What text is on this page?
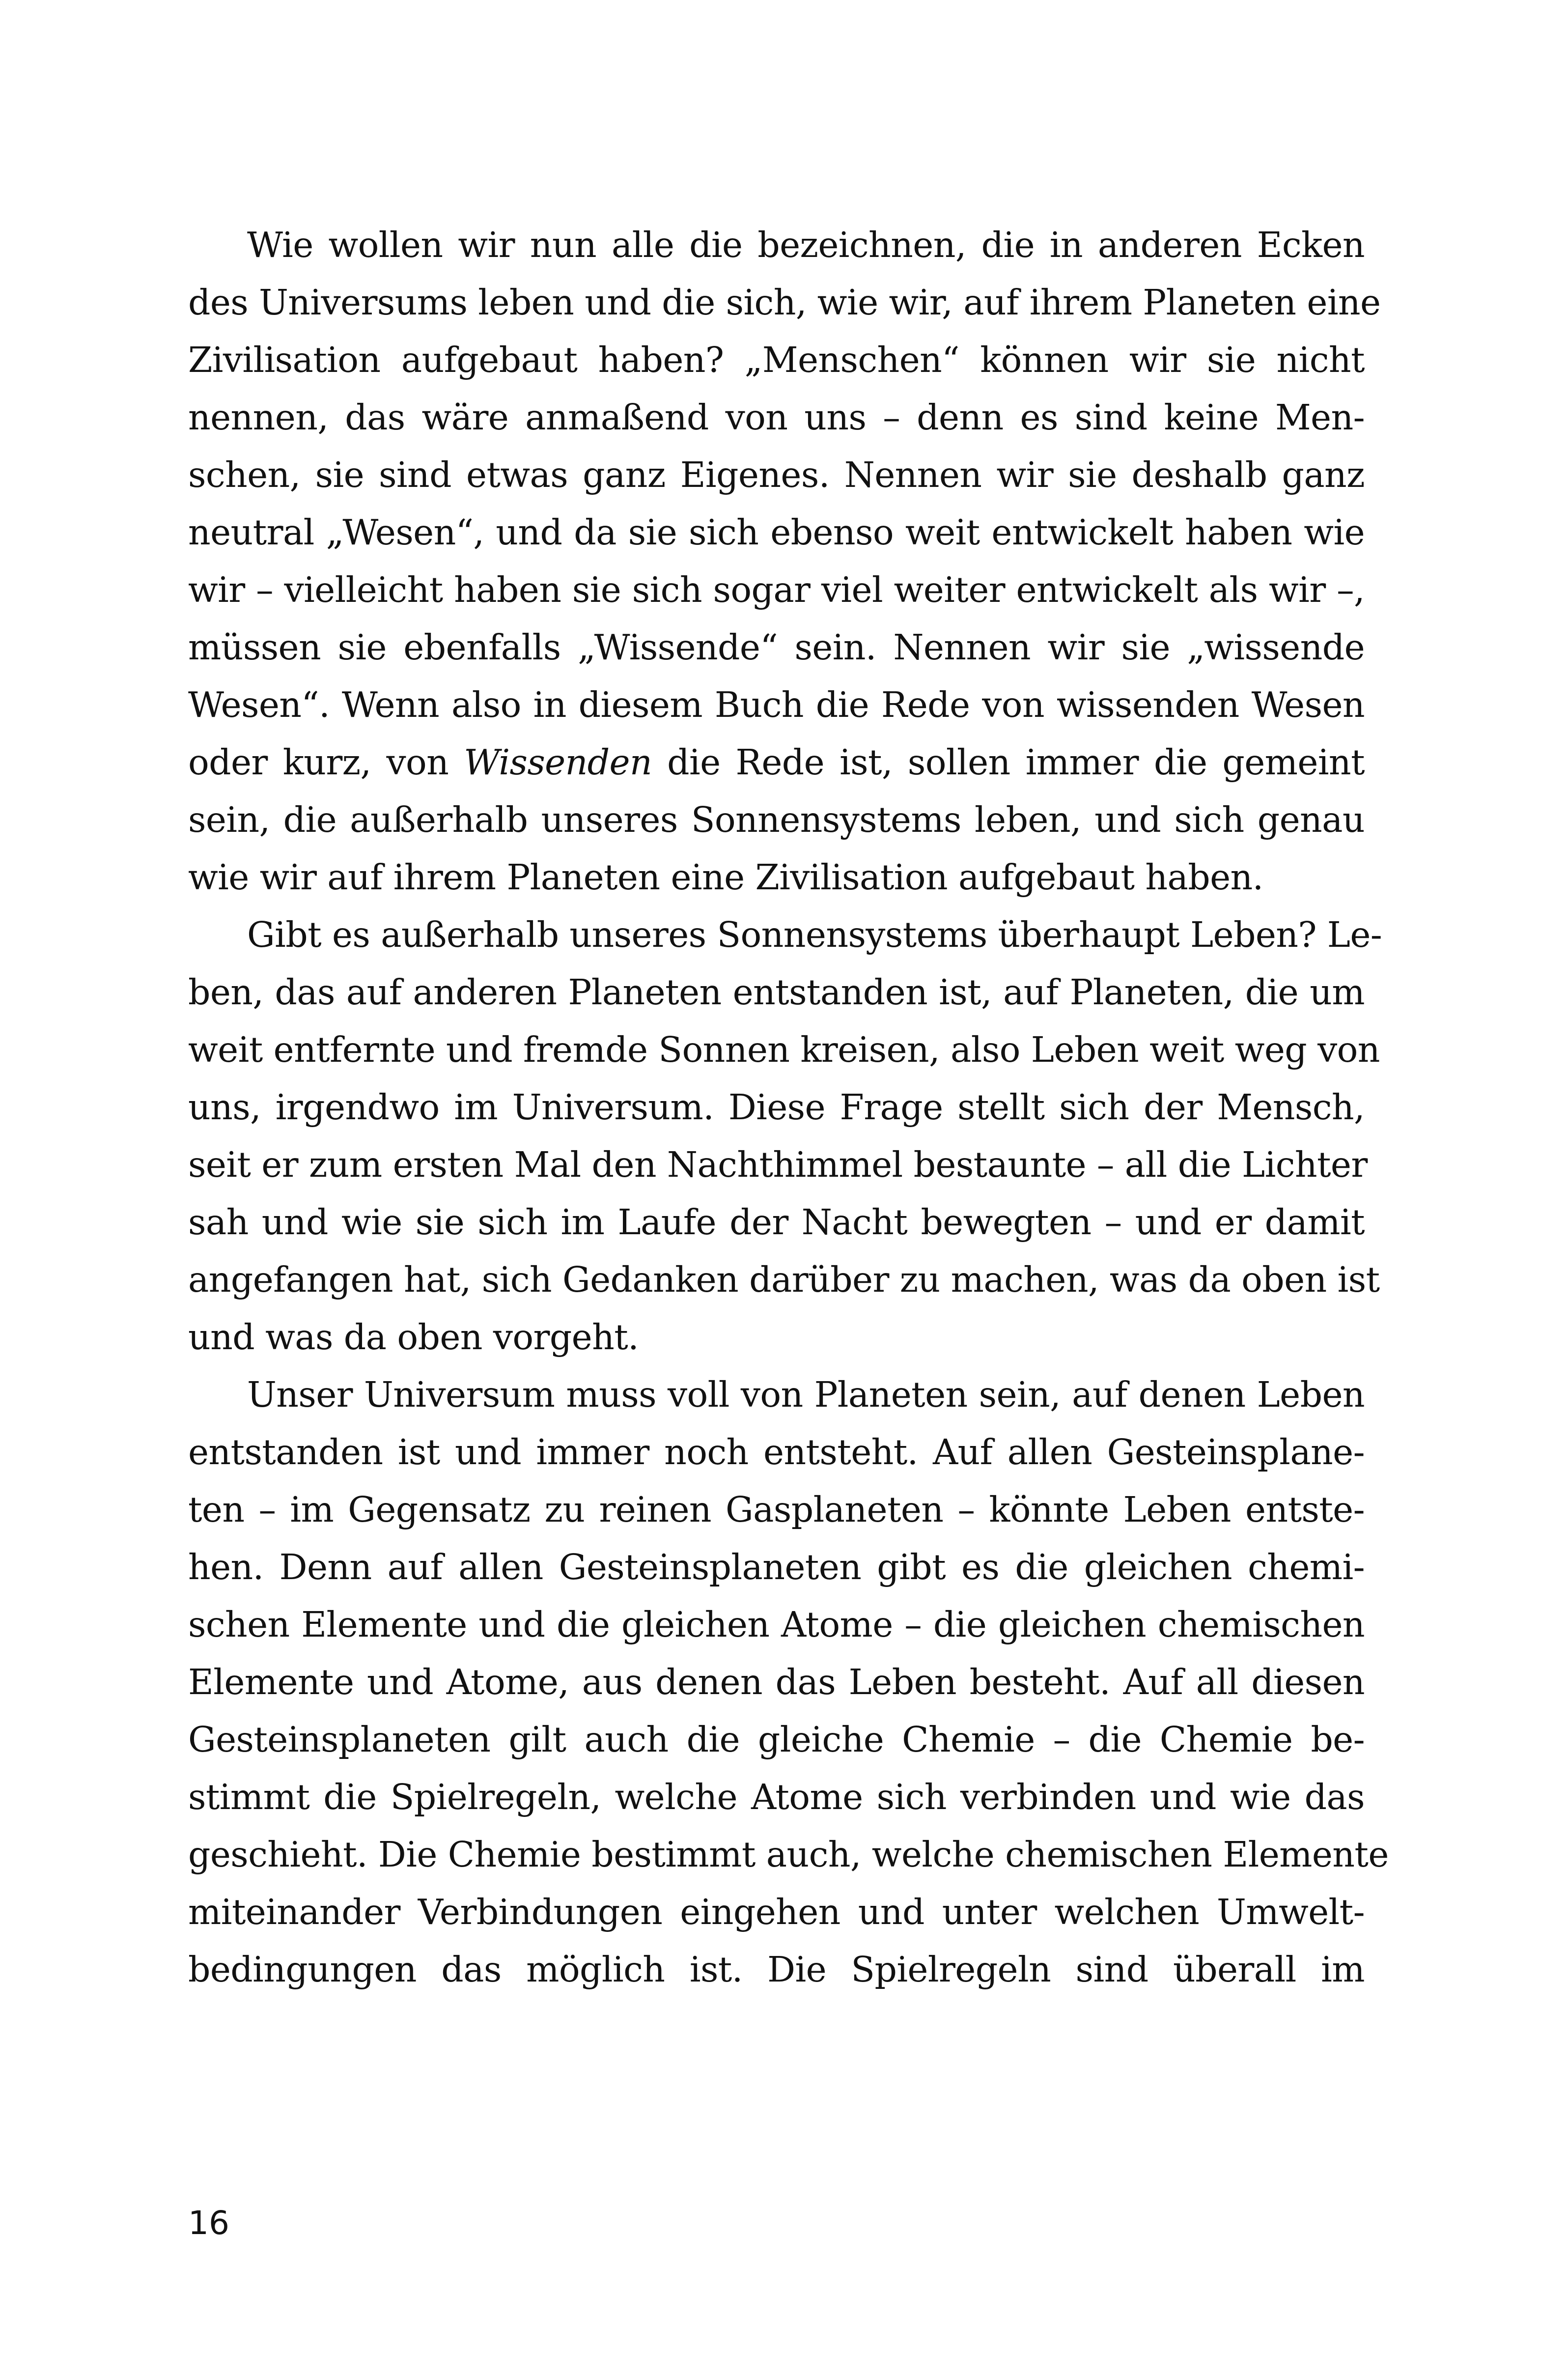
Wie wollen wir nun alle die bezeichnen, die in anderen Ecken
des Universums leben und die sich, wie wir, auf ihrem Planeten eine
Zivilisation aufgebaut haben? „Menschen“ können wir sie nicht
nennen, das wäre anmaßend von uns – denn es sind keine Men-
schen, sie sind etwas ganz Eigenes. Nennen wir sie deshalb ganz
neutral „Wesen“, und da sie sich ebenso weit entwickelt haben wie
wir – vielleicht haben sie sich sogar viel weiter entwickelt als wir –,
müssen sie ebenfalls „Wissende“ sein. Nennen wir sie „wissende
Wesen“. Wenn also in diesem Buch die Rede von wissenden Wesen
oder kurz, von Wissenden die Rede ist, sollen immer die gemeint
sein, die außerhalb unseres Sonnensystems leben, und sich genau
wie wir auf ihrem Planeten eine Zivilisation aufgebaut haben.
Gibt es außerhalb unseres Sonnensystems überhaupt Leben? Le-
ben, das auf anderen Planeten entstanden ist, auf Planeten, die um
weit entfernte und fremde Sonnen kreisen, also Leben weit weg von
uns, irgendwo im Universum. Diese Frage stellt sich der Mensch,
seit er zum ersten Mal den Nachthimmel bestaunte – all die Lichter
sah und wie sie sich im Laufe der Nacht bewegten – und er damit
angefangen hat, sich Gedanken darüber zu machen, was da oben ist
und was da oben vorgeht.
Unser Universum muss voll von Planeten sein, auf denen Leben
entstanden ist und immer noch entsteht. Auf allen Gesteinsplane-
ten – im Gegensatz zu reinen Gasplaneten – könnte Leben entste-
hen. Denn auf allen Gesteinsplaneten gibt es die gleichen chemi-
schen Elemente und die gleichen Atome – die gleichen chemischen
Elemente und Atome, aus denen das Leben besteht. Auf all diesen
Gesteinsplaneten gilt auch die gleiche Chemie – die Chemie be-
stimmt die Spielregeln, welche Atome sich verbinden und wie das
geschieht. Die Chemie bestimmt auch, welche chemischen Elemente
miteinander Verbindungen eingehen und unter welchen Umwelt-
bedingungen das möglich ist. Die Spielregeln sind überall im
16
